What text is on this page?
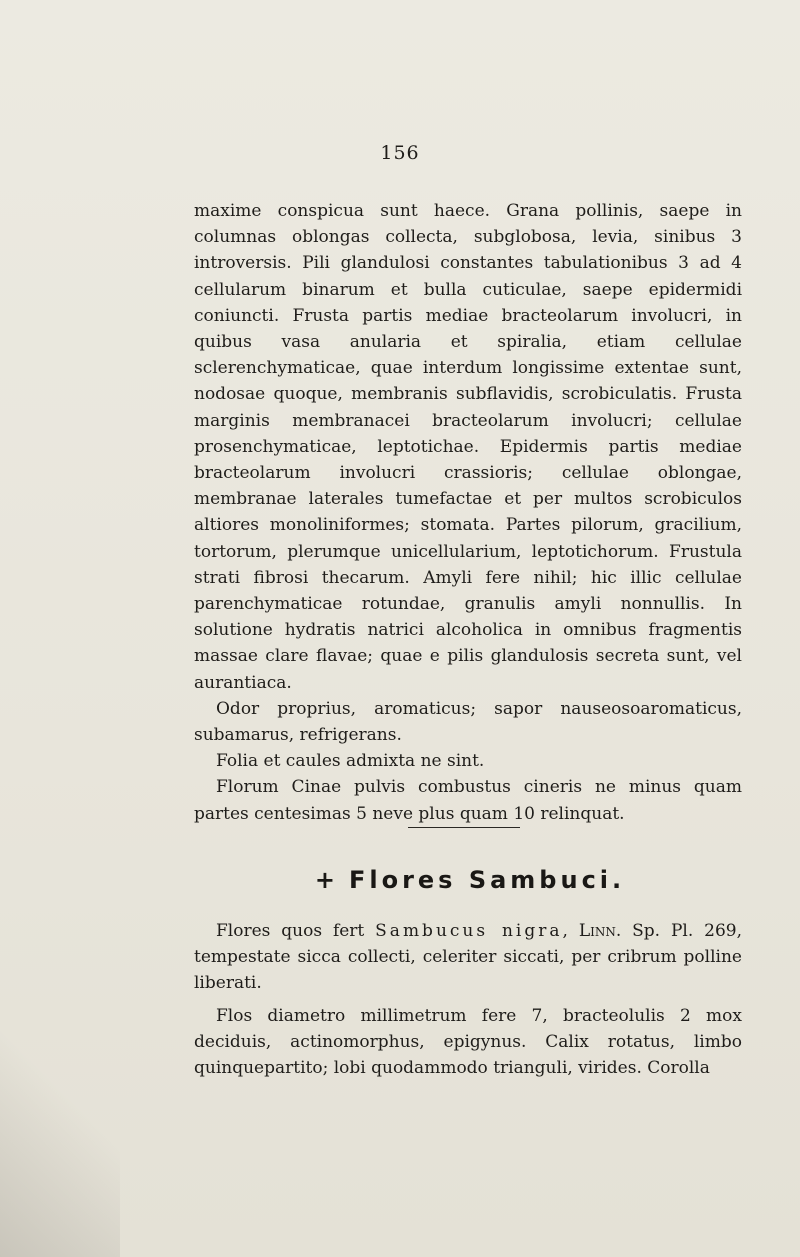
156

maxime conspicua sunt haece. Grana pollinis, saepe in columnas oblongas collecta, subglobosa, levia, sinibus 3 introversis. Pili glandulosi constantes tabulationibus 3 ad 4 cellularum binarum et bulla cuticulae, saepe epidermidi coniuncti. Frusta partis mediae bracteolarum involucri, in quibus vasa anularia et spiralia, etiam cellulae sclerenchymaticae, quae interdum longissime extentae sunt, nodosae quoque, membranis subflavidis, scrobiculatis. Frusta marginis membranacei bracteolarum involucri; cellulae prosenchymaticae, leptotichae. Epidermis partis mediae bracteolarum involucri crassioris; cellulae oblongae, membranae laterales tumefactae et per multos scrobiculos altiores monoliniformes; stomata. Partes pilorum, gracilium, tortorum, plerumque unicellularium, leptotichorum. Frustula strati fibrosi thecarum. Amyli fere nihil; hic illic cellulae parenchymaticae rotundae, granulis amyli nonnullis. In solutione hydratis natrici alcoholica in omnibus fragmentis massae clare flavae; quae e pilis glandulosis secreta sunt, vel aurantiaca.

Odor proprius, aromaticus; sapor nauseosoaromaticus, subamarus, refrigerans.

Folia et caules admixta ne sint.

Florum Cinae pulvis combustus cineris ne minus quam partes centesimas 5 neve plus quam 10 relinquat.

+ Flores Sambuci.

Flores quos fert Sambucus nigra, Linn. Sp. Pl. 269, tempestate sicca collecti, celeriter siccati, per cribrum polline liberati.

Flos diametro millimetrum fere 7, bracteolulis 2 mox deciduis, actinomorphus, epigynus. Calix rotatus, limbo quinquepartito; lobi quodammodo trianguli, virides. Corolla
